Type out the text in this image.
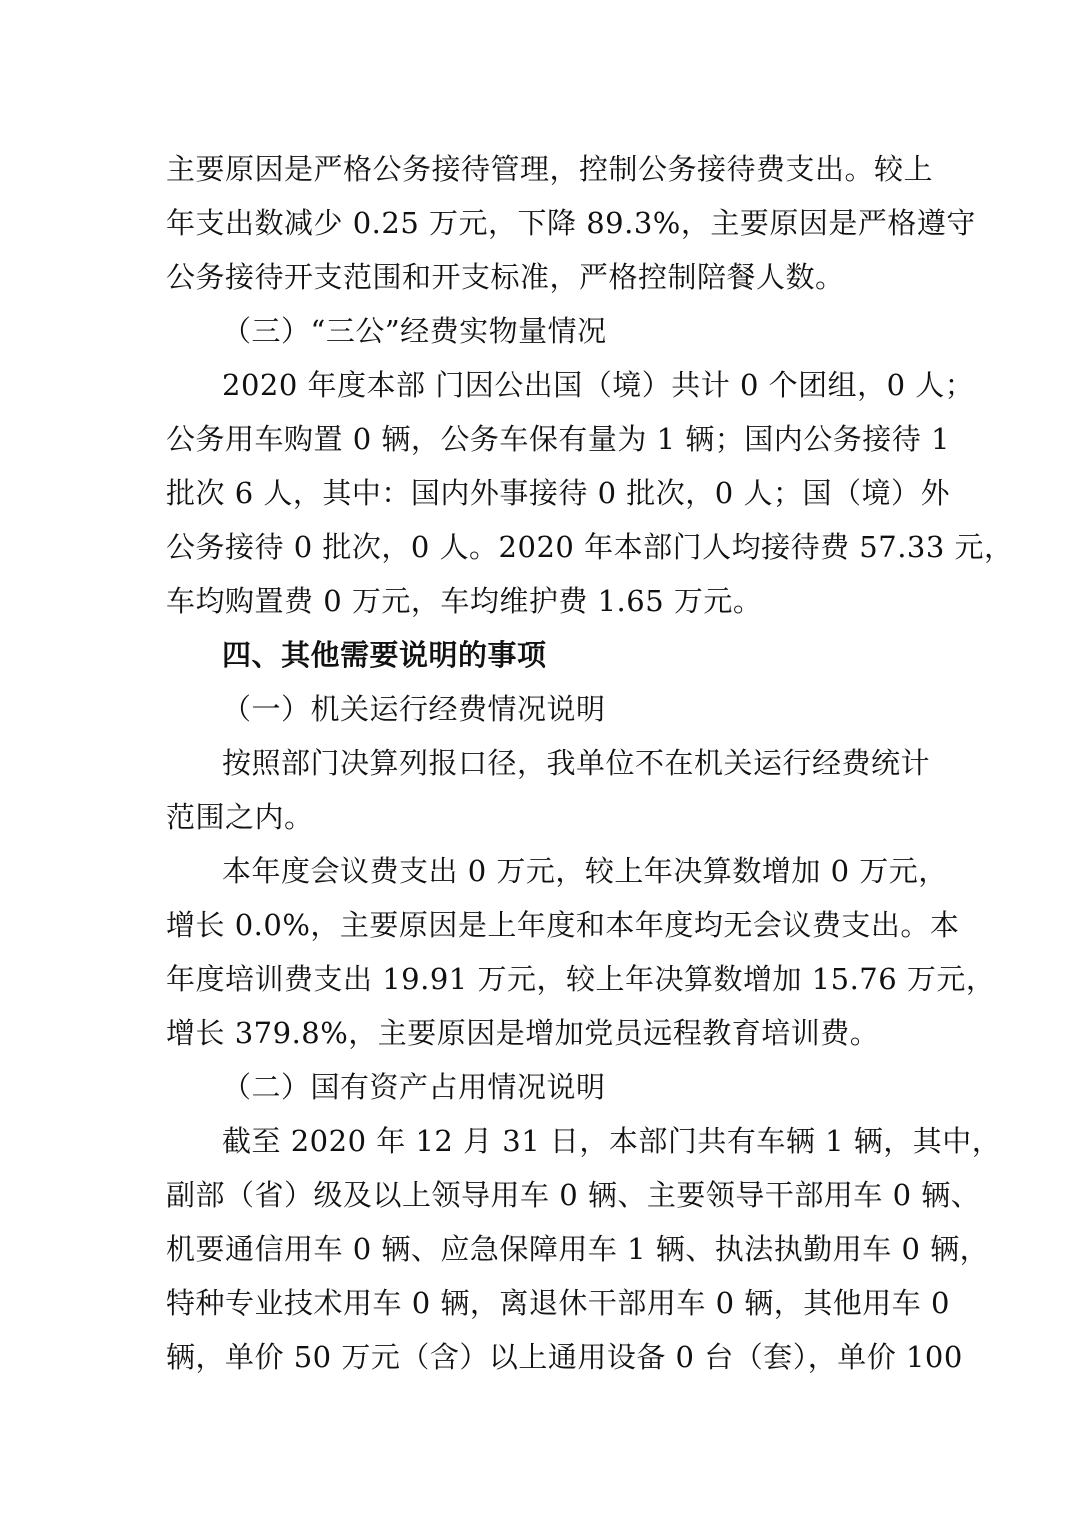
主要原因是严格公务接待管理，控制公务接待费支出。较上
年支出数减少 0.25 万元，下降 89.3%，主要原因是严格遵守
公务接待开支范围和开支标准，严格控制陪餐人数。
（三）“三公”经费实物量情况
2020 年度本部 门因公出国（境）共计 0 个团组，0 人；
公务用车购置 0 辆，公务车保有量为 1 辆；国内公务接待 1
批次 6 人，其中：国内外事接待 0 批次，0 人；国（境）外
公务接待 0 批次，0 人。2020 年本部门人均接待费 57.33 元，
车均购置费 0 万元，车均维护费 1.65 万元。
四、其他需要说明的事项
（一）机关运行经费情况说明
按照部门决算列报口径，我单位不在机关运行经费统计
范围之内。
本年度会议费支出 0 万元，较上年决算数增加 0 万元，
增长 0.0%，主要原因是上年度和本年度均无会议费支出。本
年度培训费支出 19.91 万元，较上年决算数增加 15.76 万元，
增长 379.8%，主要原因是增加党员远程教育培训费。
（二）国有资产占用情况说明
截至 2020 年 12 月 31 日，本部门共有车辆 1 辆，其中，
副部（省）级及以上领导用车 0 辆、主要领导干部用车 0 辆、
机要通信用车 0 辆、应急保障用车 1 辆、执法执勤用车 0 辆，
特种专业技术用车 0 辆，离退休干部用车 0 辆，其他用车 0
辆，单价 50 万元（含）以上通用设备 0 台（套），单价 100
